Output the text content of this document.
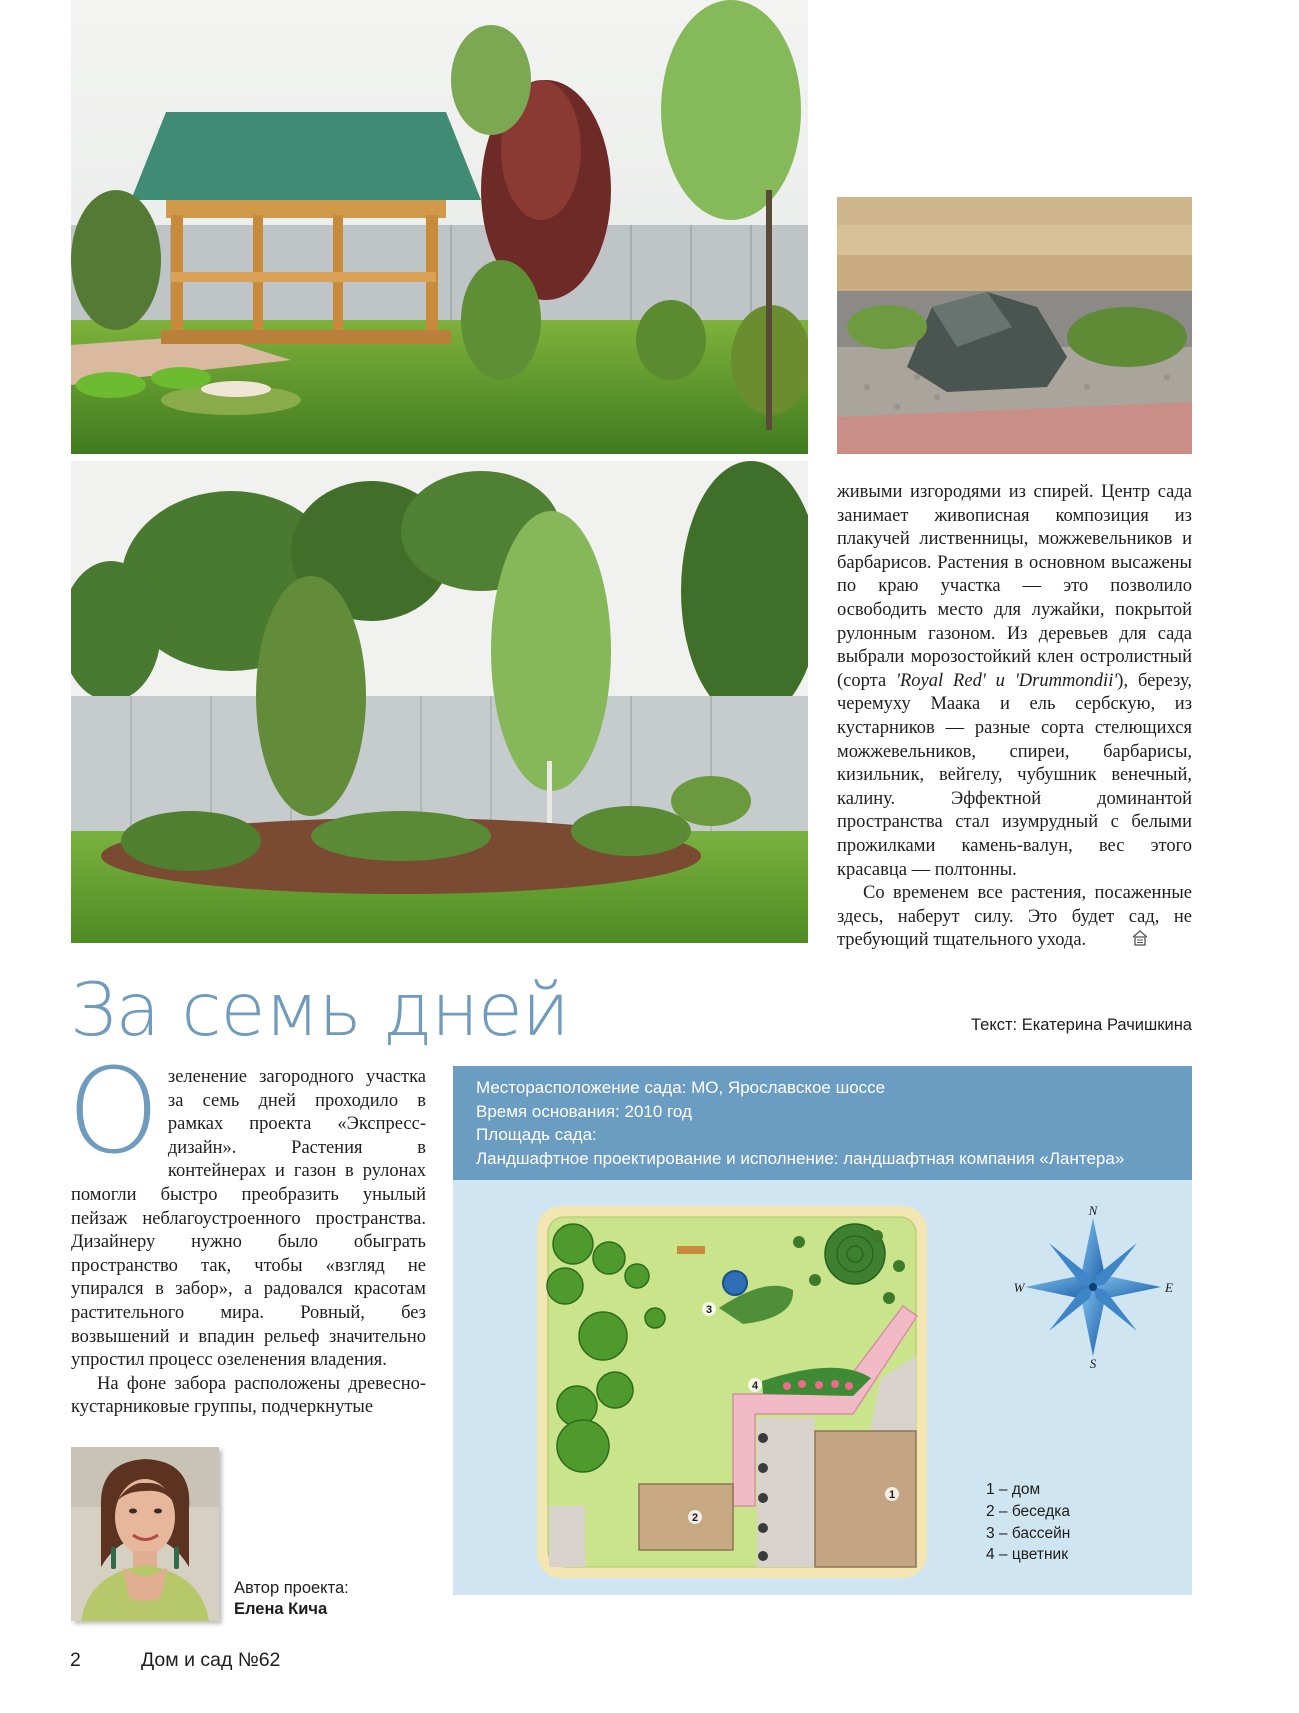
живыми изгородями из спирей. Центр сада занимает живописная композиция из плакучей лиственницы, можжевельников и барбарисов. Растения в основном высажены по краю участка — это позволило освободить место для лужайки, покрытой рулонным газоном. Из деревьев для сада выбрали морозостойкий клен остролистный (сорта 'Royal Red' и 'Drummondii'), березу, черемуху Маака и ель сербскую, из кустарников — разные сорта стелющихся можжевельников, спиреи, барбарисы, кизильник, вейгелу, чубушник венечный, калину. Эффектной доминантой пространства стал изумрудный с белыми прожилками камень-валун, вес этого красавца — полтонны.

Со временем все растения, посаженные здесь, наберут силу. Это будет сад, не требующий тщательного ухода.

За семь дней	Текст: Екатерина Рачишкина

Озеленение загородного участка за семь дней проходило в рамках проекта «Экспресс-дизайн». Растения в контейнерах и газон в рулонах помогли быстро преобразить унылый пейзаж неблагоустроенного пространства. Дизайнеру нужно было обыграть пространство так, чтобы «взгляд не упирался в забор», а радовался красотам растительного мира. Ровный, без возвышений и впадин рельеф значительно упростил процесс озеленения владения.

На фоне забора расположены древесно-кустарниковые группы, подчеркнутые

Месторасположение сада: МО, Ярославское шоссе
Время основания: 2010 год
Площадь сада:
Ландшафтное проектирование и исполнение: ландшафтная компания «Лантера»
1
2
3
4
N
S
W	E
1 – дом
2 – беседка
3 – бассейн
4 – цветник
Автор проекта:
Елена Кича
2	Дом и сад №62
